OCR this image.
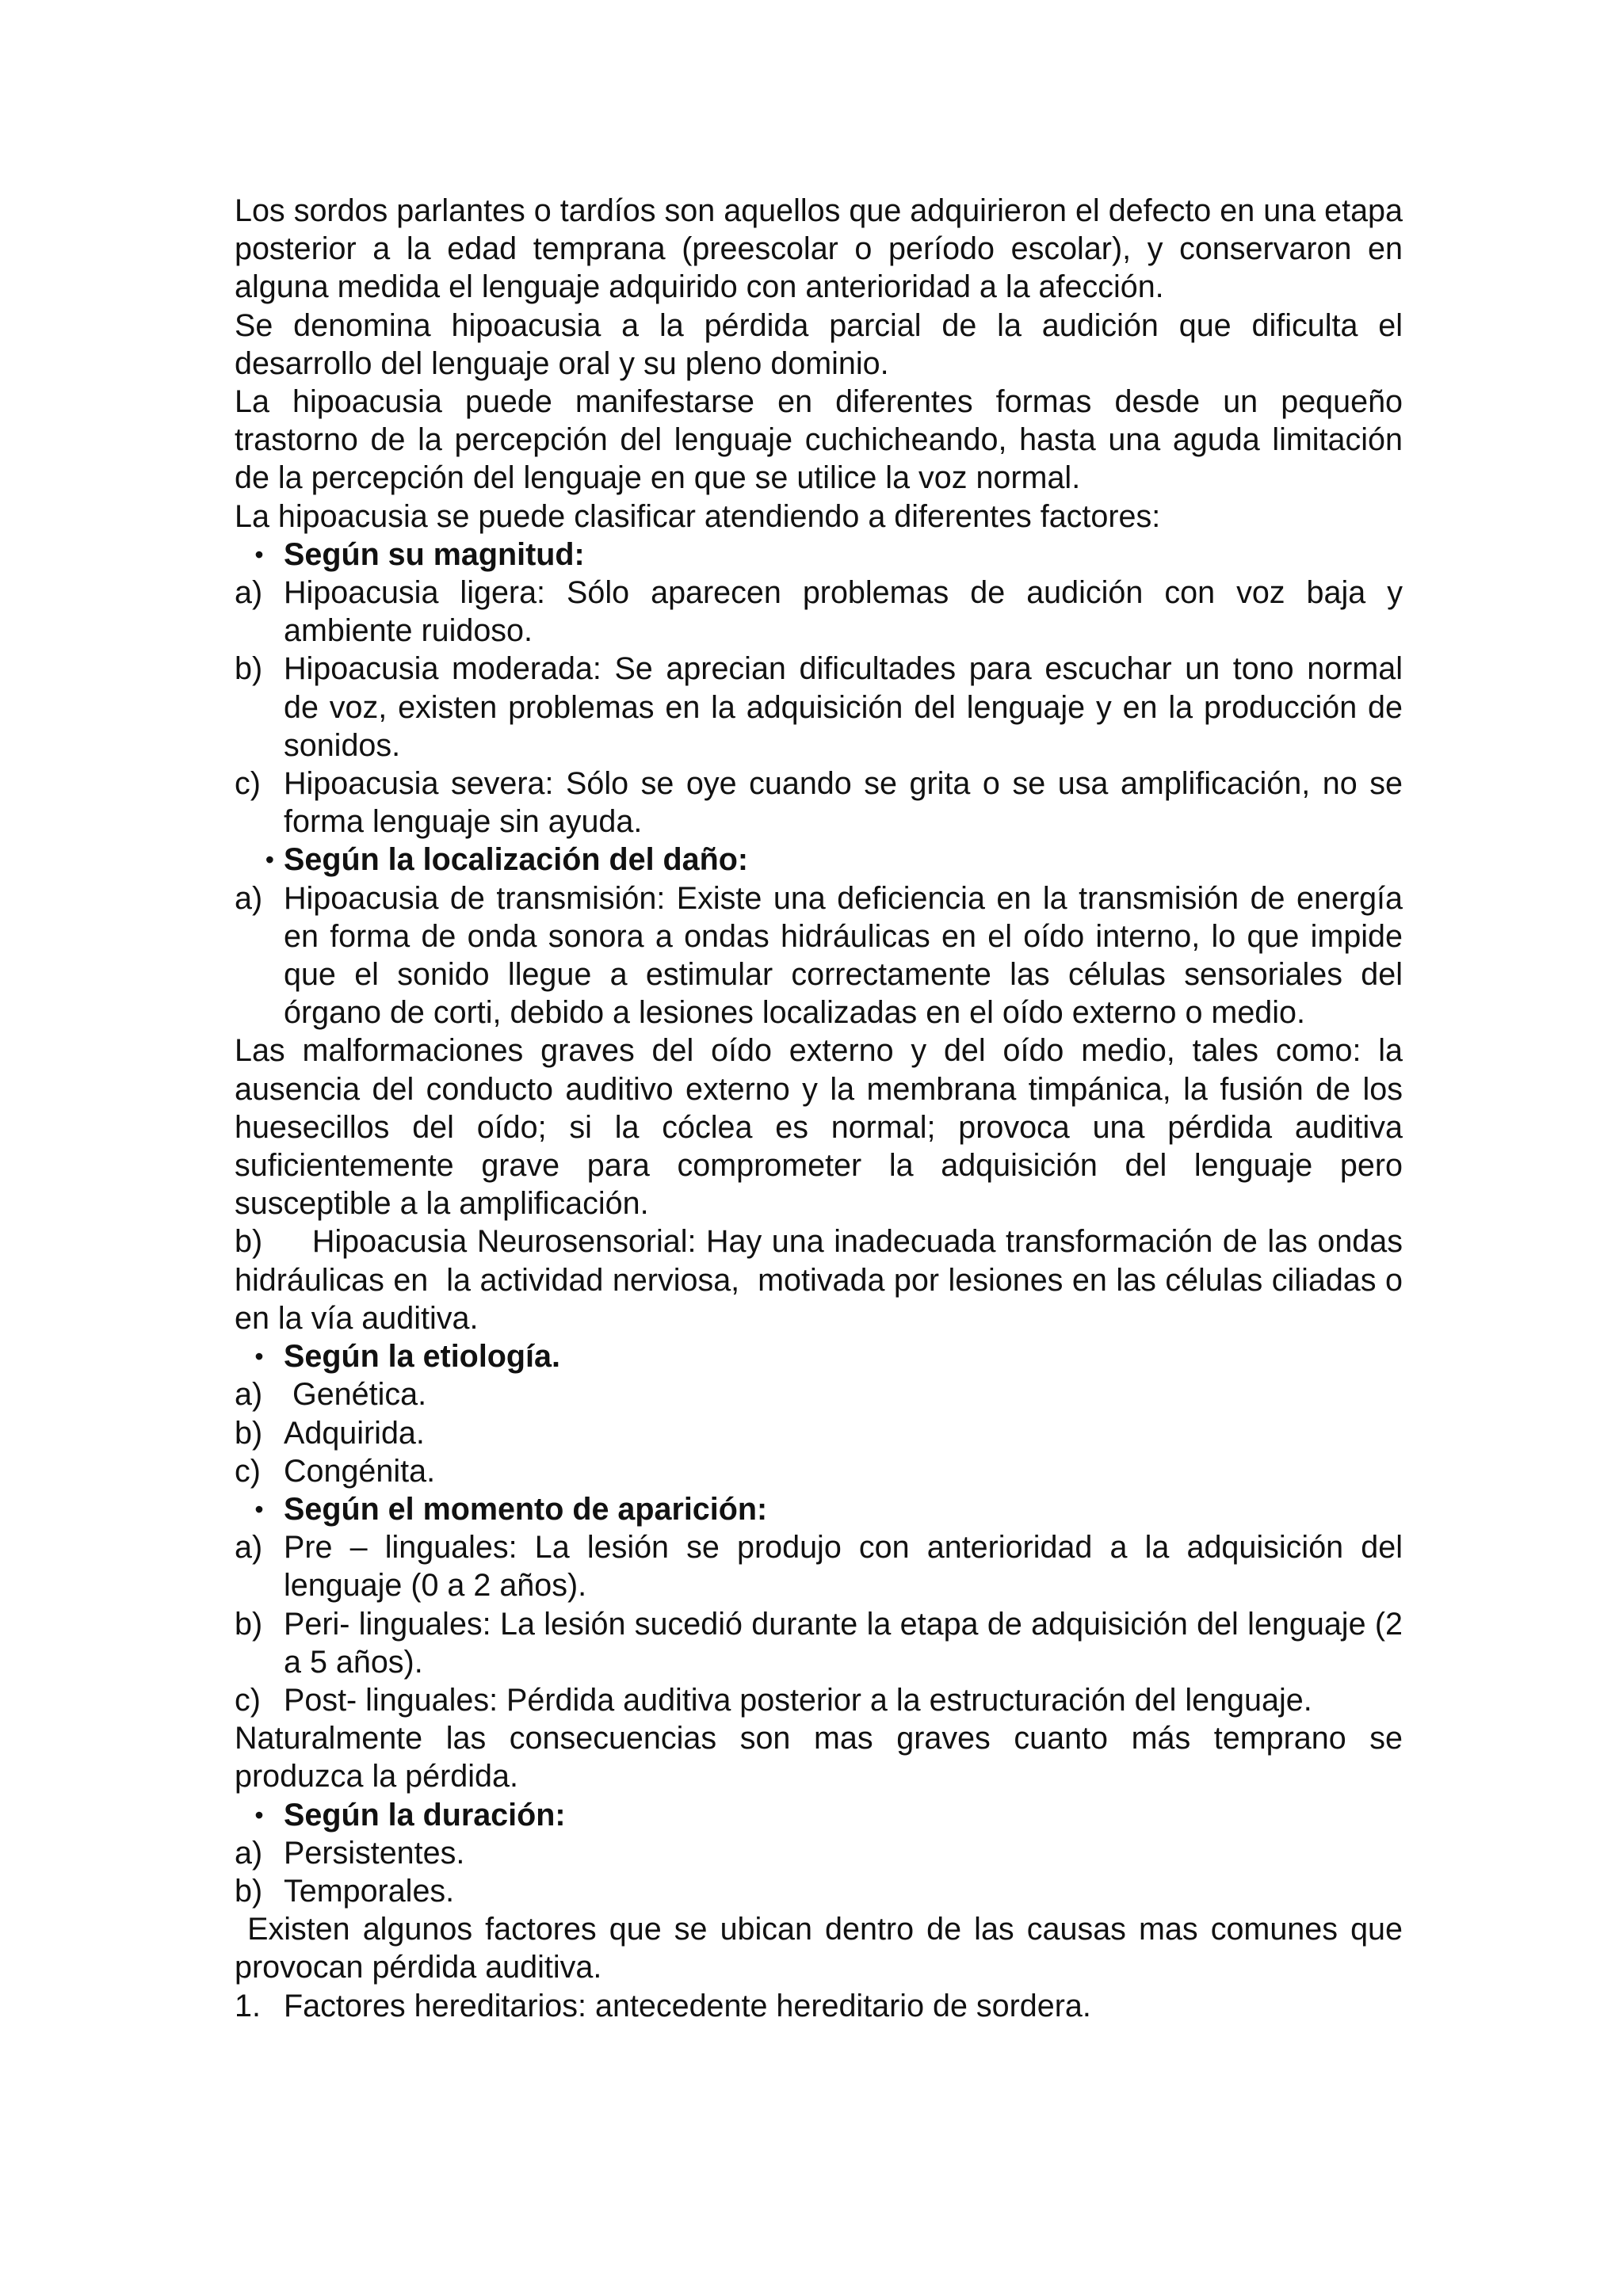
Los sordos parlantes o tardíos son aquellos que adquirieron el defecto en una etapa posterior a la edad temprana (preescolar o período escolar), y conservaron en alguna medida el lenguaje adquirido con anterioridad a la afección.

Se denomina hipoacusia a la pérdida parcial de la audición que dificulta el desarrollo del lenguaje oral y su pleno dominio.

La hipoacusia puede manifestarse en diferentes formas desde un pequeño trastorno de la percepción del lenguaje cuchicheando, hasta una aguda limitación de la percepción del lenguaje en que se utilice la voz normal.

La hipoacusia se puede clasificar atendiendo a diferentes factores:

• Según su magnitud:
a) Hipoacusia ligera: Sólo aparecen problemas de audición con voz baja y ambiente ruidoso.
b) Hipoacusia moderada: Se aprecian dificultades para escuchar un tono normal de voz, existen problemas en la adquisición del lenguaje y en la producción de sonidos.
c) Hipoacusia severa: Sólo se oye cuando se grita o se usa amplificación, no se forma lenguaje sin ayuda.
• Según la localización del daño:
a) Hipoacusia de transmisión: Existe una deficiencia en la transmisión de energía en forma de onda sonora a ondas hidráulicas en el oído interno, lo que impide que el sonido llegue a estimular correctamente las células sensoriales del órgano de corti, debido a lesiones localizadas en el oído externo o medio.

Las malformaciones graves del oído externo y del oído medio, tales como: la ausencia del conducto auditivo externo y la membrana timpánica, la fusión de los huesecillos del oído; si la cóclea es normal; provoca una pérdida auditiva suficientemente grave para comprometer la adquisición del lenguaje pero susceptible a la amplificación.

b)     Hipoacusia Neurosensorial: Hay una inadecuada transformación de las ondas  hidráulicas en  la actividad nerviosa,  motivada por lesiones en las células ciliadas o en la vía auditiva.

• Según la etiología.
a) Genética.
b) Adquirida.
c) Congénita.
• Según el momento de aparición:
a) Pre – linguales: La lesión se produjo con anterioridad a la adquisición del lenguaje (0 a 2 años).
b) Peri- linguales: La lesión sucedió durante la etapa de adquisición del lenguaje (2 a 5 años).
c) Post- linguales: Pérdida auditiva posterior a la estructuración del lenguaje.

Naturalmente las consecuencias son mas graves cuanto más temprano se produzca la pérdida.

• Según la duración:
a) Persistentes.
b) Temporales.

Existen algunos factores que se ubican dentro de las causas mas comunes que provocan pérdida auditiva.

1. Factores hereditarios: antecedente hereditario de sordera.
